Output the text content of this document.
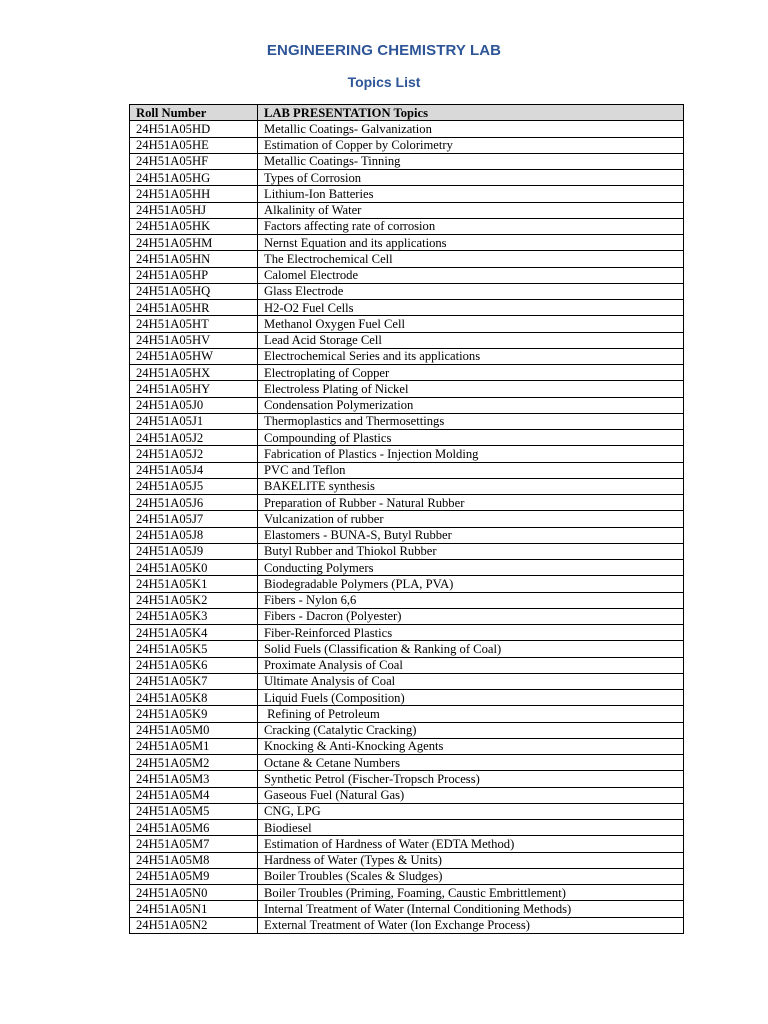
ENGINEERING CHEMISTRY LAB
Topics List
Roll Number	LAB PRESENTATION Topics
24H51A05HD	Metallic Coatings- Galvanization
24H51A05HE	Estimation of Copper by Colorimetry
24H51A05HF	Metallic Coatings- Tinning
24H51A05HG	Types of Corrosion
24H51A05HH	Lithium-Ion Batteries
24H51A05HJ	Alkalinity of Water
24H51A05HK	Factors affecting rate of corrosion
24H51A05HM	Nernst Equation and its applications
24H51A05HN	The Electrochemical Cell
24H51A05HP	Calomel Electrode
24H51A05HQ	Glass Electrode
24H51A05HR	H2-O2 Fuel Cells
24H51A05HT	Methanol Oxygen Fuel Cell
24H51A05HV	Lead Acid Storage Cell
24H51A05HW	Electrochemical Series and its applications
24H51A05HX	Electroplating of Copper
24H51A05HY	Electroless Plating of Nickel
24H51A05J0	Condensation Polymerization
24H51A05J1	Thermoplastics and Thermosettings
24H51A05J2	Compounding of Plastics
24H51A05J2	Fabrication of Plastics - Injection Molding
24H51A05J4	PVC and Teflon
24H51A05J5	BAKELITE synthesis
24H51A05J6	Preparation of Rubber - Natural Rubber
24H51A05J7	Vulcanization of rubber
24H51A05J8	Elastomers - BUNA-S, Butyl Rubber
24H51A05J9	Butyl Rubber and Thiokol Rubber
24H51A05K0	Conducting Polymers
24H51A05K1	Biodegradable Polymers (PLA, PVA)
24H51A05K2	Fibers - Nylon 6,6
24H51A05K3	Fibers - Dacron (Polyester)
24H51A05K4	Fiber-Reinforced Plastics
24H51A05K5	Solid Fuels (Classification & Ranking of Coal)
24H51A05K6	Proximate Analysis of Coal
24H51A05K7	Ultimate Analysis of Coal
24H51A05K8	Liquid Fuels (Composition)
24H51A05K9	Refining of Petroleum
24H51A05M0	Cracking (Catalytic Cracking)
24H51A05M1	Knocking & Anti-Knocking Agents
24H51A05M2	Octane & Cetane Numbers
24H51A05M3	Synthetic Petrol (Fischer-Tropsch Process)
24H51A05M4	Gaseous Fuel (Natural Gas)
24H51A05M5	CNG, LPG
24H51A05M6	Biodiesel
24H51A05M7	Estimation of Hardness of Water (EDTA Method)
24H51A05M8	Hardness of Water (Types & Units)
24H51A05M9	Boiler Troubles (Scales & Sludges)
24H51A05N0	Boiler Troubles (Priming, Foaming, Caustic Embrittlement)
24H51A05N1	Internal Treatment of Water (Internal Conditioning Methods)
24H51A05N2	External Treatment of Water (Ion Exchange Process)
